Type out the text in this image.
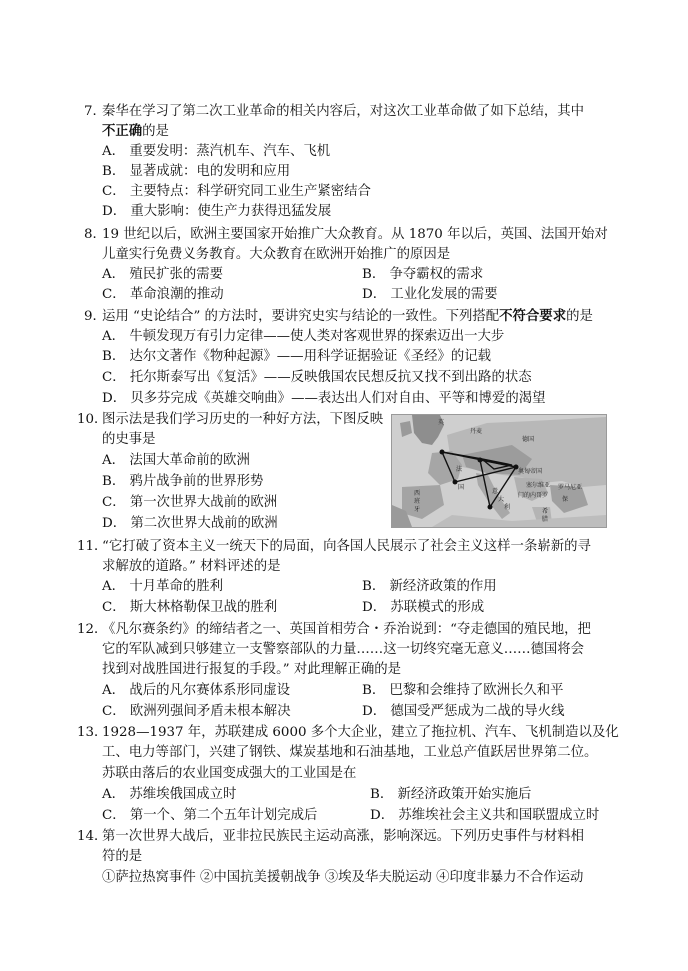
7．
秦华在学习了第二次工业革命的相关内容后，对这次工业革命做了如下总结，其中
不正确的是
A． 重要发明：蒸汽机车、汽车、飞机
B． 显著成就：电的发明和应用
C． 主要特点：科学研究同工业生产紧密结合
D． 重大影响：使生产力获得迅猛发展
8．
19 世纪以后，欧洲主要国家开始推广大众教育。从 1870 年以后，英国、法国开始对
儿童实行免费义务教育。大众教育在欧洲开始推广的原因是
A． 殖民扩张的需要	B． 争夺霸权的需求
C． 革命浪潮的推动	D． 工业化发展的需要
9．
运用 “史论结合” 的方法时，要讲究史实与结论的一致性。下列搭配不符合要求的是
A． 牛顿发现万有引力定律——使人类对客观世界的探索迈出一大步
B． 达尔文著作《物种起源》——用科学证据验证《圣经》的记载
C． 托尔斯泰写出《复活》——反映俄国农民想反抗又找不到出路的状态
D． 贝多芬完成《英雄交响曲》——表达出人们对自由、平等和博爱的渴望
10．
图示法是我们学习历史的一种好方法，下图反映
的史事是
A． 法国大革命前的欧洲
B． 鸦片战争前的世界形势
C． 第一次世界大战前的欧洲
D． 第二次世界大战前的欧洲
英
丹麦
德国
法
国
奥匈帝国
意
大
利
西
班
牙
罗马尼亚
塞尔维亚
门的内哥罗
保
希
腊
11．
“它打破了资本主义一统天下的局面，向各国人民展示了社会主义这样一条崭新的寻
求解放的道路。” 材料评述的是
A． 十月革命的胜利	B． 新经济政策的作用
C． 斯大林格勒保卫战的胜利	D． 苏联模式的形成
12．
《凡尔赛条约》的缔结者之一、英国首相劳合・乔治说到：“夺走德国的殖民地，把
它的军队减到只够建立一支警察部队的力量……这一切终究毫无意义……德国将会
找到对战胜国进行报复的手段。” 对此理解正确的是
A． 战后的凡尔赛体系形同虚设	B． 巴黎和会维持了欧洲长久和平
C． 欧洲列强间矛盾未根本解决	D． 德国受严惩成为二战的导火线
13．
1928—1937 年，苏联建成 6000 多个大企业，建立了拖拉机、汽车、飞机制造以及化
工、电力等部门，兴建了钢铁、煤炭基地和石油基地，工业总产值跃居世界第二位。
苏联由落后的农业国变成强大的工业国是在
A． 苏维埃俄国成立时	B． 新经济政策开始实施后
C． 第一个、第二个五年计划完成后	D． 苏维埃社会主义共和国联盟成立时
14．
第一次世界大战后，亚非拉民族民主运动高涨，影响深远。下列历史事件与材料相
符的是
①萨拉热窝事件 ②中国抗美援朝战争 ③埃及华夫脱运动 ④印度非暴力不合作运动
